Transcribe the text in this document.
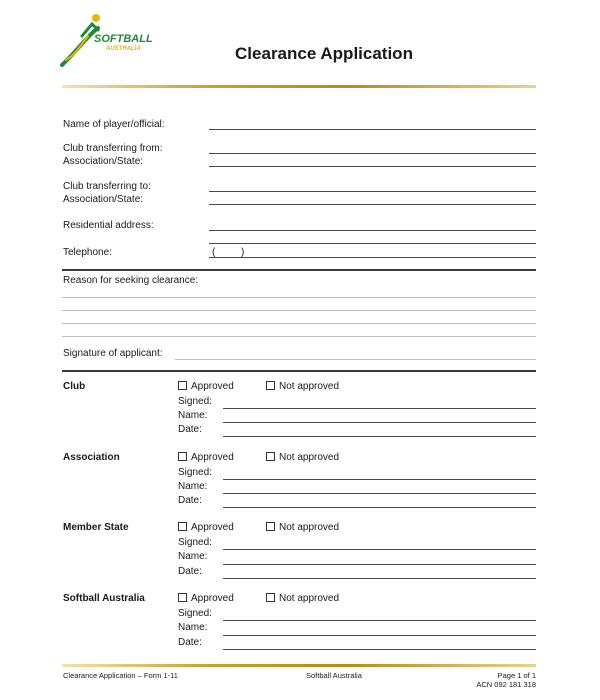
SOFTBALL
AUSTRALIA	Clearance Application
Name of player/official:
Club transferring from:
Association/State:
Club transferring to:
Association/State:
Residential address:
Telephone:	(	)
Reason for seeking clearance:
Signature of applicant:
Club	Approved	Not approved
Signed:
Name:
Date:
Association	Approved	Not approved
Signed:
Name:
Date:
Member State	Approved	Not approved
Signed:
Name:
Date:
Softball Australia	Approved	Not approved
Signed:
Name:
Date:
Clearance Application – Form 1-11	Softball Australia	Page 1 of 1
ACN 092 181 318
